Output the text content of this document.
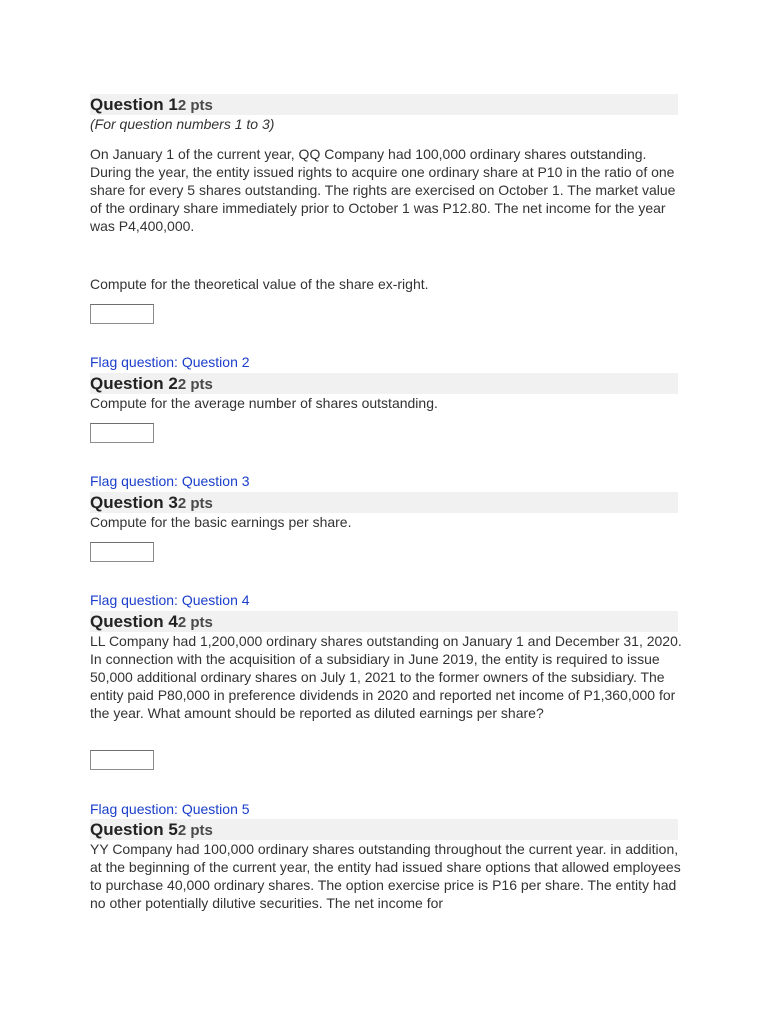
Question 12 pts
(For question numbers 1 to 3)

On January 1 of the current year, QQ Company had 100,000 ordinary shares outstanding. During the year, the entity issued rights to acquire one ordinary share at P10 in the ratio of one share for every 5 shares outstanding. The rights are exercised on October 1. The market value of the ordinary share immediately prior to October 1 was P12.80. The net income for the year was P4,400,000.

Compute for the theoretical value of the share ex-right.

Flag question: Question 2
Question 22 pts

Compute for the average number of shares outstanding.

Flag question: Question 3
Question 32 pts

Compute for the basic earnings per share.

Flag question: Question 4
Question 42 pts

LL Company had 1,200,000 ordinary shares outstanding on January 1 and December 31, 2020. In connection with the acquisition of a subsidiary in June 2019, the entity is required to issue 50,000 additional ordinary shares on July 1, 2021 to the former owners of the subsidiary. The entity paid P80,000 in preference dividends in 2020 and reported net income of P1,360,000 for the year. What amount should be reported as diluted earnings per share?

Flag question: Question 5
Question 52 pts

YY Company had 100,000 ordinary shares outstanding throughout the current year. in addition, at the beginning of the current year, the entity had issued share options that allowed employees to purchase 40,000 ordinary shares. The option exercise price is P16 per share. The entity had no other potentially dilutive securities. The net income for
